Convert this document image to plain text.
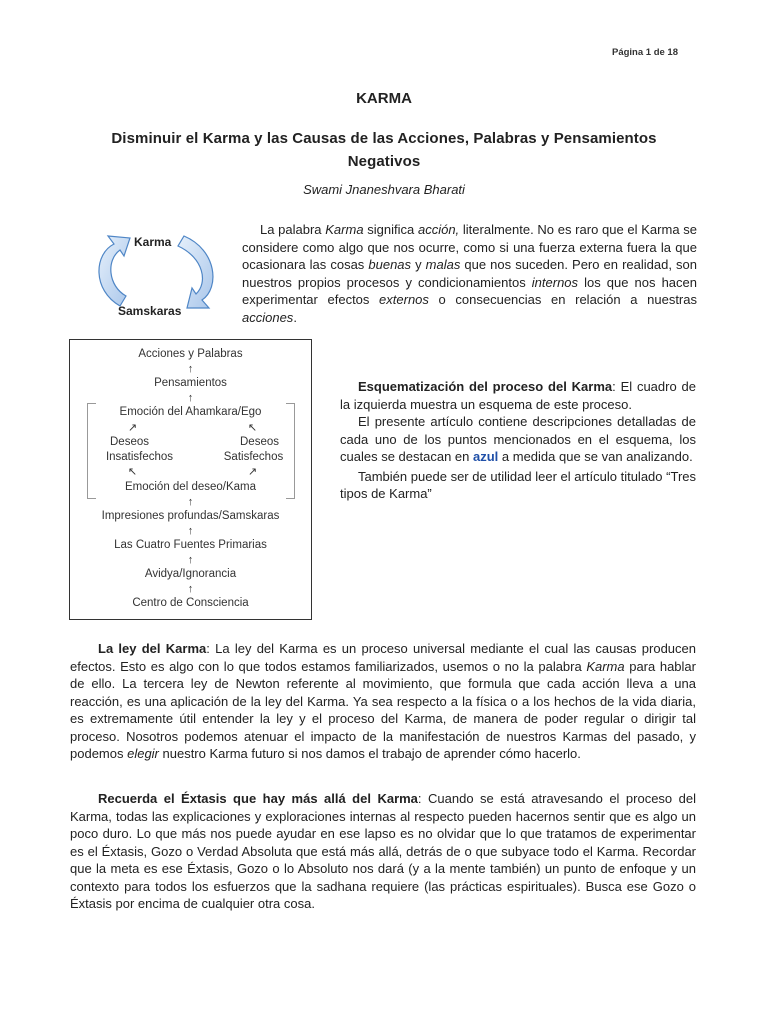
Página 1 de 18
KARMA
Disminuir el Karma y las Causas de las Acciones, Palabras y Pensamientos Negativos
Swami Jnaneshvara Bharati
Karma
Samskaras

La palabra Karma significa acción, literalmente. No es raro que el Karma se considere como algo que nos ocurre, como si una fuerza externa fuera la que ocasionara las cosas buenas y malas que nos suceden. Pero en realidad, son nuestros propios procesos y condicionamientos internos los que nos hacen experimentar efectos externos o consecuencias en relación a nuestras acciones.

Acciones y Palabras
↑
Pensamientos
↑
Emoción del Ahamkara/Ego
↗	↖
Deseos
Insatisfechos
Deseos
Satisfechos
↖	↗
Emoción del deseo/Kama
↑
Impresiones profundas/Samskaras
↑
Las Cuatro Fuentes Primarias
↑
Avidya/Ignorancia
↑
Centro de Consciencia

Esquematización del proceso del Karma: El cuadro de la izquierda muestra un esquema de este proceso.

El presente artículo contiene descripciones detalladas de cada uno de los puntos mencionados en el esquema, los cuales se destacan en azul a medida que se van analizando.

También puede ser de utilidad leer el artículo titulado “Tres tipos de Karma”

La ley del Karma: La ley del Karma es un proceso universal mediante el cual las causas producen efectos. Esto es algo con lo que todos estamos familiarizados, usemos o no la palabra Karma para hablar de ello. La tercera ley de Newton referente al movimiento, que formula que cada acción lleva a una reacción, es una aplicación de la ley del Karma. Ya sea respecto a la física o a los hechos de la vida diaria, es extremamente útil entender la ley y el proceso del Karma, de manera de poder regular o dirigir tal proceso. Nosotros podemos atenuar el impacto de la manifestación de nuestros Karmas del pasado, y podemos elegir nuestro Karma futuro si nos damos el trabajo de aprender cómo hacerlo.

Recuerda el Éxtasis que hay más allá del Karma: Cuando se está atravesando el proceso del Karma, todas las explicaciones y exploraciones internas al respecto pueden hacernos sentir que es algo un poco duro. Lo que más nos puede ayudar en ese lapso es no olvidar que lo que tratamos de experimentar es el Éxtasis, Gozo o Verdad Absoluta que está más allá, detrás de o que subyace todo el Karma. Recordar que la meta es ese Éxtasis, Gozo o lo Absoluto nos dará (y a la mente también) un punto de enfoque y un contexto para todos los esfuerzos que la sadhana requiere (las prácticas espirituales). Busca ese Gozo o Éxtasis por encima de cualquier otra cosa.
